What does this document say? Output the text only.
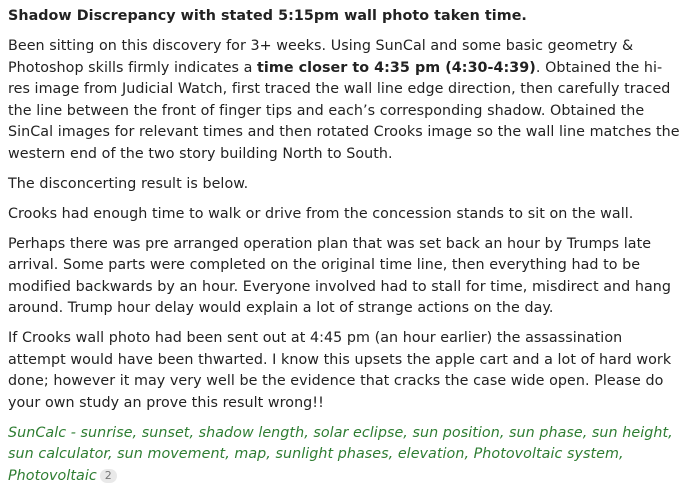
Shadow Discrepancy with stated 5:15pm wall photo taken time.
Been sitting on this discovery for 3+ weeks. Using SunCal and some basic geometry & Photoshop skills firmly indicates a time closer to 4:35 pm (4:30-4:39). Obtained the hi-res image from Judicial Watch, first traced the wall line edge direction, then carefully traced the line between the front of finger tips and each’s corresponding shadow. Obtained the SinCal images for relevant times and then rotated Crooks image so the wall line matches the western end of the two story building North to South.
The disconcerting result is below.
Crooks had enough time to walk or drive from the concession stands to sit on the wall.
Perhaps there was pre arranged operation plan that was set back an hour by Trumps late arrival. Some parts were completed on the original time line, then everything had to be modified backwards by an hour. Everyone involved had to stall for time, misdirect and hang around. Trump hour delay would explain a lot of strange actions on the day.
If Crooks wall photo had been sent out at 4:45 pm (an hour earlier) the assassination attempt would have been thwarted. I know this upsets the apple cart and a lot of hard work done; however it may very well be the evidence that cracks the case wide open. Please do your own study an prove this result wrong!!
SunCalc - sunrise, sunset, shadow length, solar eclipse, sun position, sun phase, sun height, sun calculator, sun movement, map, sunlight phases, elevation, Photovoltaic system, Photovoltaic 2
